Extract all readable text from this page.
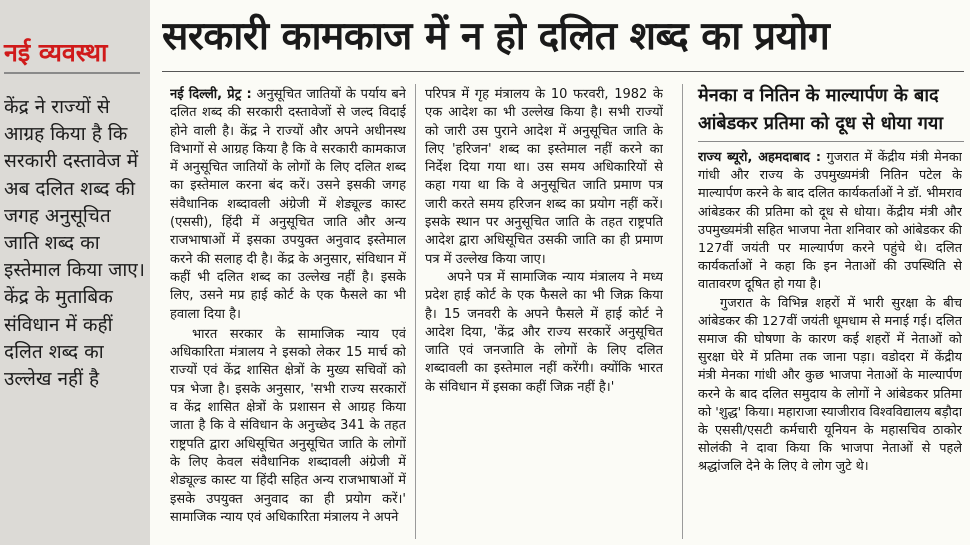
नई व्यवस्था
केंद्र ने राज्यों से आग्रह किया है कि सरकारी दस्तावेज में अब दलित शब्द की जगह अनुसूचित जाति शब्द का इस्तेमाल किया जाए। केंद्र के मुताबिक संविधान में कहीं दलित शब्द का उल्लेख नहीं है
सरकारी कामकाज में न हो दलित शब्द का प्रयोग

नई दिल्ली, प्रेट्र : अनुसूचित जातियों के पर्याय बने दलित शब्द की सरकारी दस्तावेजों से जल्द विदाई होने वाली है। केंद्र ने राज्यों और अपने अधीनस्थ विभागों से आग्रह किया है कि वे सरकारी कामकाज में अनुसूचित जातियों के लोगों के लिए दलित शब्द का इस्तेमाल करना बंद करें। उसने इसकी जगह संवैधानिक शब्दावली अंग्रेजी में शेड्यूल्ड कास्ट (एससी), हिंदी में अनुसूचित जाति और अन्य राजभाषाओं में इसका उपयुक्त अनुवाद इस्तेमाल करने की सलाह दी है। केंद्र के अनुसार, संविधान में कहीं भी दलित शब्द का उल्लेख नहीं है। इसके लिए, उसने मप्र हाई कोर्ट के एक फैसले का भी हवाला दिया है।

भारत सरकार के सामाजिक न्याय एवं अधिकारिता मंत्रालय ने इसको लेकर 15 मार्च को राज्यों एवं केंद्र शासित क्षेत्रों के मुख्य सचिवों को पत्र भेजा है। इसके अनुसार, 'सभी राज्य सरकारों व केंद्र शासित क्षेत्रों के प्रशासन से आग्रह किया जाता है कि वे संविधान के अनुच्छेद 341 के तहत राष्ट्रपति द्वारा अधिसूचित अनुसूचित जाति के लोगों के लिए केवल संवैधानिक शब्दावली अंग्रेजी में शेड्यूल्ड कास्ट या हिंदी सहित अन्य राजभाषाओं में इसके उपयुक्त अनुवाद का ही प्रयोग करें।' सामाजिक न्याय एवं अधिकारिता मंत्रालय ने अपने

परिपत्र में गृह मंत्रालय के 10 फरवरी, 1982 के एक आदेश का भी उल्लेख किया है। सभी राज्यों को जारी उस पुराने आदेश में अनुसूचित जाति के लिए 'हरिजन' शब्द का इस्तेमाल नहीं करने का निर्देश दिया गया था। उस समय अधिकारियों से कहा गया था कि वे अनुसूचित जाति प्रमाण पत्र जारी करते समय हरिजन शब्द का प्रयोग नहीं करें। इसके स्थान पर अनुसूचित जाति के तहत राष्ट्रपति आदेश द्वारा अधिसूचित उसकी जाति का ही प्रमाण पत्र में उल्लेख किया जाए।

अपने पत्र में सामाजिक न्याय मंत्रालय ने मध्य प्रदेश हाई कोर्ट के एक फैसले का भी जिक्र किया है। 15 जनवरी के अपने फैसले में हाई कोर्ट ने आदेश दिया, 'केंद्र और राज्य सरकारें अनुसूचित जाति एवं जनजाति के लोगों के लिए दलित शब्दावली का इस्तेमाल नहीं करेंगी। क्योंकि भारत के संविधान में इसका कहीं जिक्र नहीं है।'

मेनका व नितिन के माल्यार्पण के बाद आंबेडकर प्रतिमा को दूध से धोया गया

राज्य ब्यूरो, अहमदाबाद : गुजरात में केंद्रीय मंत्री मेनका गांधी और राज्य के उपमुख्यमंत्री नितिन पटेल के माल्यार्पण करने के बाद दलित कार्यकर्ताओं ने डॉ. भीमराव आंबेडकर की प्रतिमा को दूध से धोया। केंद्रीय मंत्री और उपमुख्यमंत्री सहित भाजपा नेता शनिवार को आंबेडकर की 127वीं जयंती पर माल्यार्पण करने पहुंचे थे। दलित कार्यकर्ताओं ने कहा कि इन नेताओं की उपस्थिति से वातावरण दूषित हो गया है।

गुजरात के विभिन्न शहरों में भारी सुरक्षा के बीच आंबेडकर की 127वीं जयंती धूमधाम से मनाई गई। दलित समाज की घोषणा के कारण कई शहरों में नेताओं को सुरक्षा घेरे में प्रतिमा तक जाना पड़ा। वडोदरा में केंद्रीय मंत्री मेनका गांधी और कुछ भाजपा नेताओं के माल्यार्पण करने के बाद दलित समुदाय के लोगों ने आंबेडकर प्रतिमा को 'शुद्ध' किया। महाराजा स्याजीराव विश्वविद्यालय बड़ौदा के एससी/एसटी कर्मचारी यूनियन के महासचिव ठाकोर सोलंकी ने दावा किया कि भाजपा नेताओं से पहले श्रद्धांजलि देने के लिए वे लोग जुटे थे।
